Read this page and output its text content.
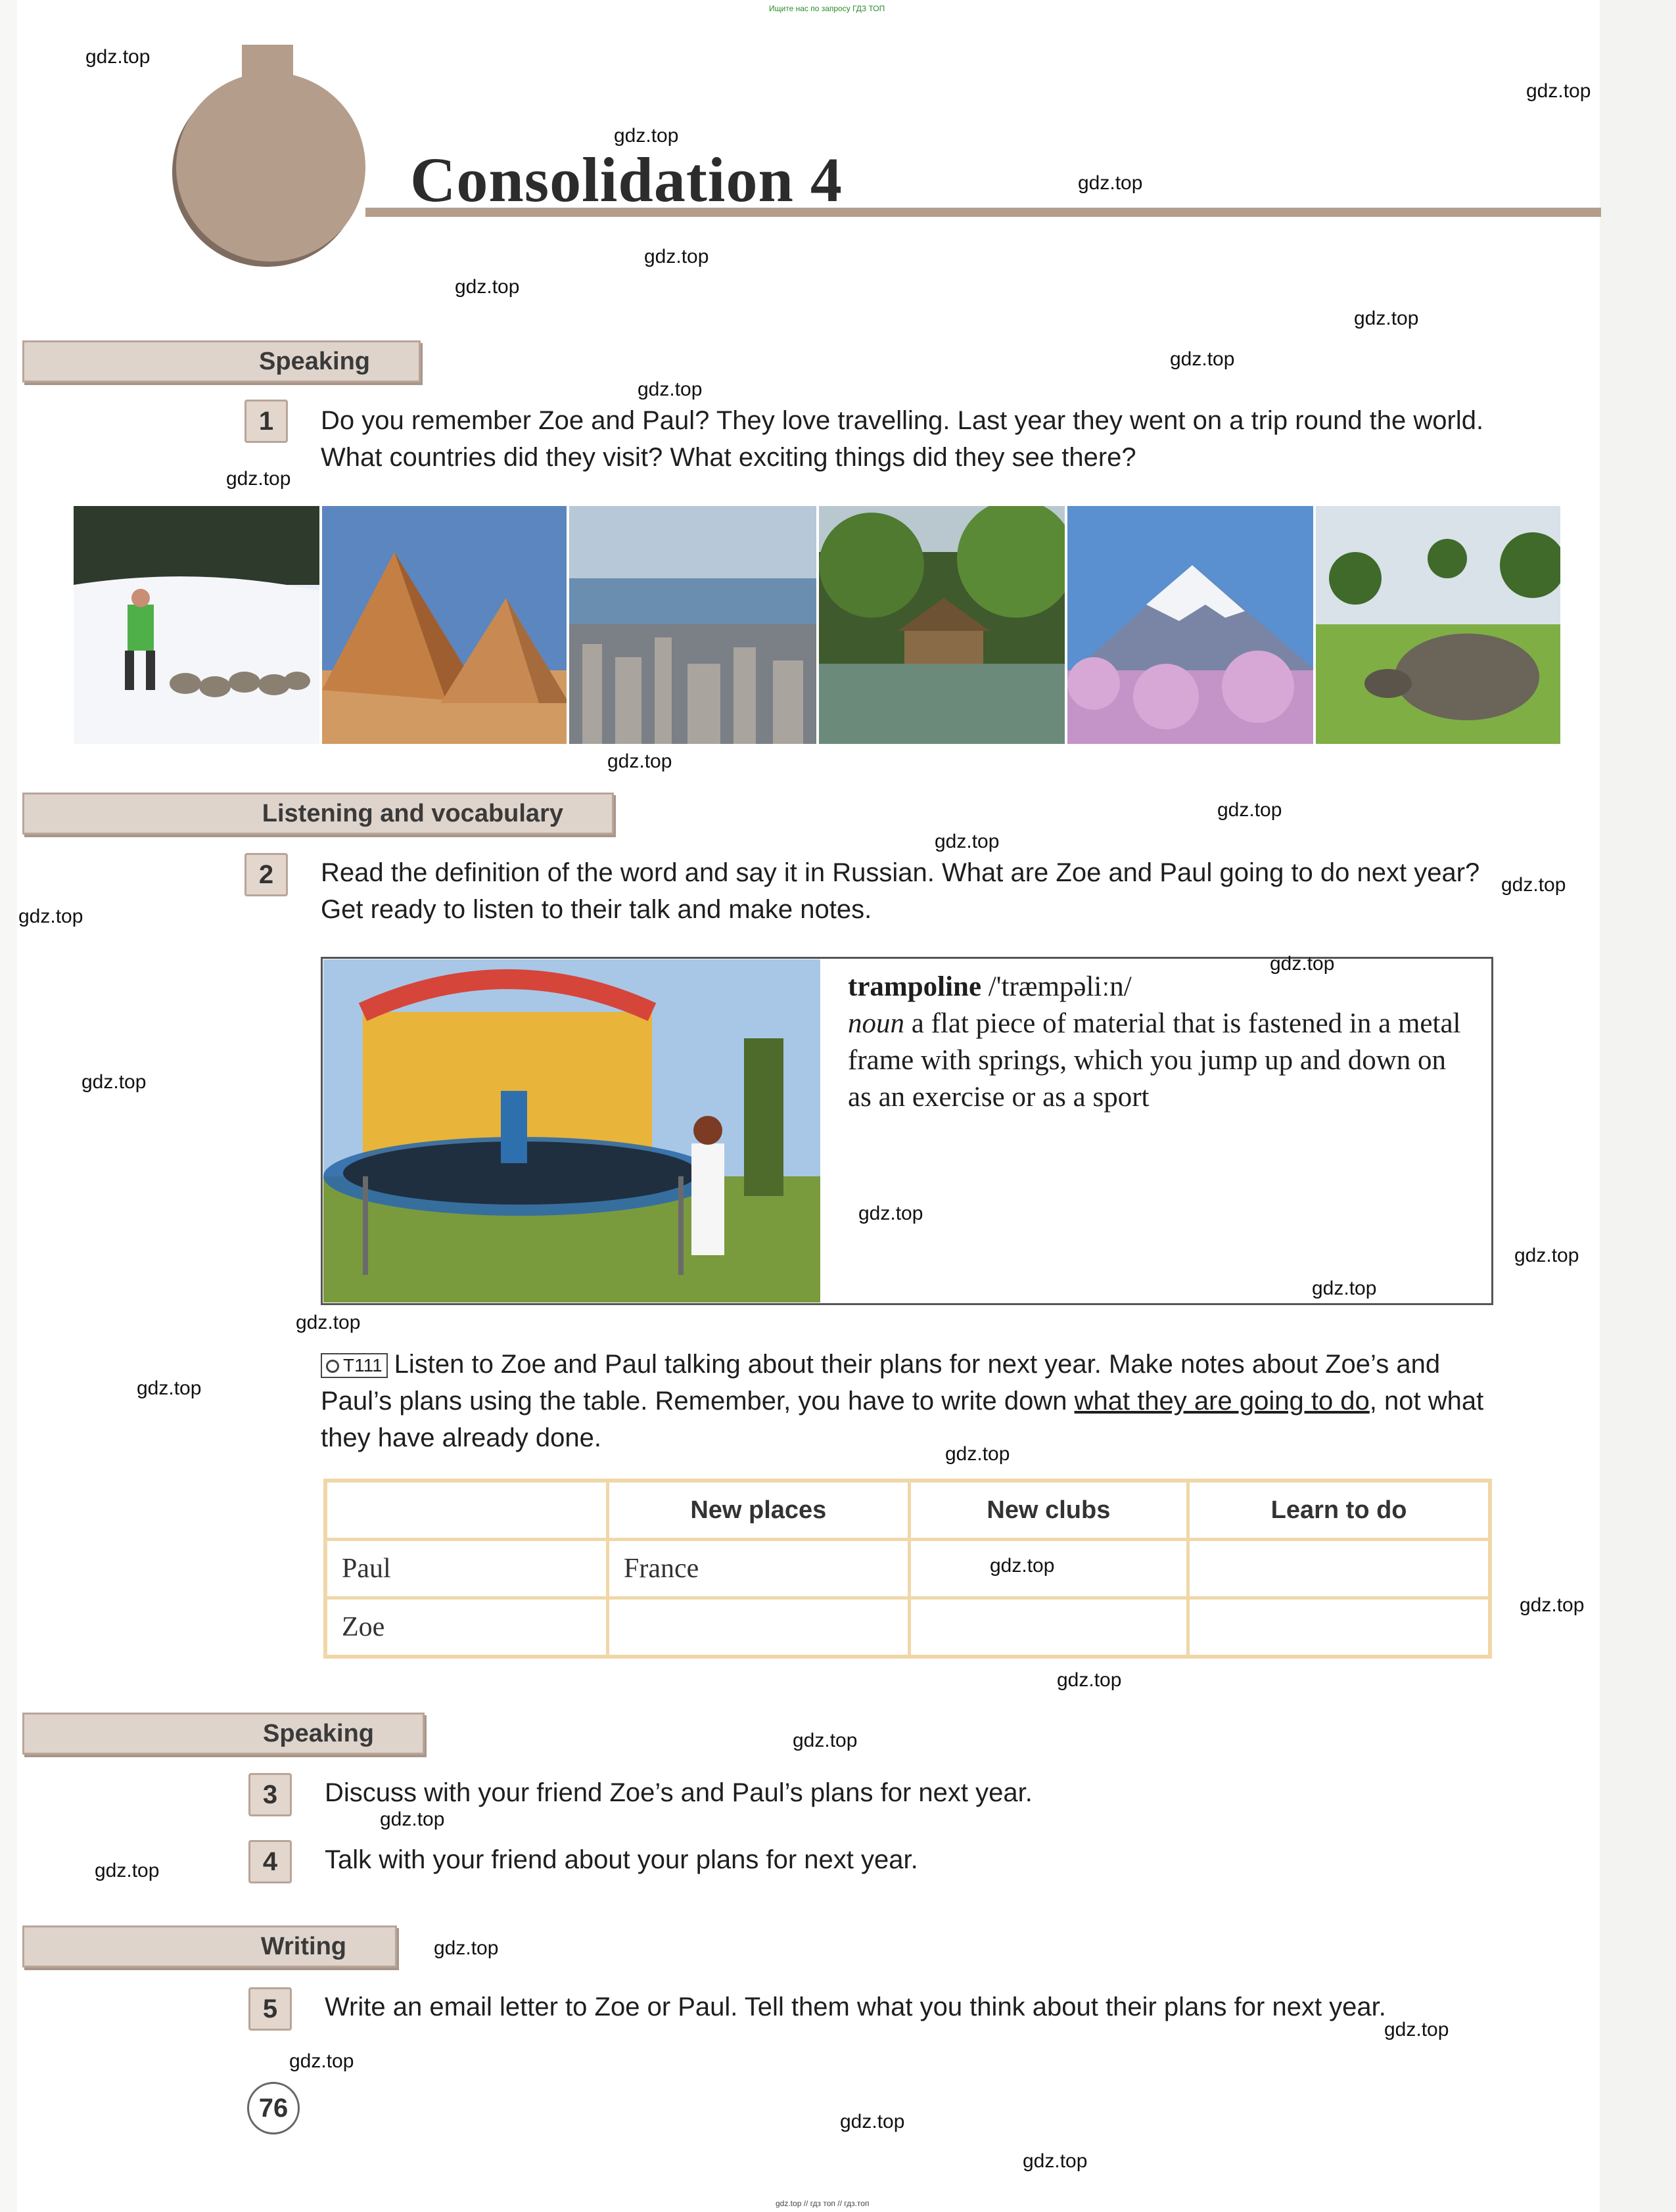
Ищите нас по запросу ГДЗ ТОП
Consolidation 4
Speaking
1	Do you remember Zoe and Paul? They love travelling. Last year they went on a trip round the world. What countries did they visit? What exciting things did they see there?
Listening and vocabulary
2	Read the definition of the word and say it in Russian. What are Zoe and Paul going to do next year? Get ready to listen to their talk and make notes.
trampoline /'træmpəliːn/
noun a flat piece of material that is fastened in a metal frame with springs, which you jump up and down on as an exercise or as a sport
T111 Listen to Zoe and Paul talking about their plans for next year. Make notes about Zoe’s and Paul’s plans using the table. Remember, you have to write down what they are going to do, not what they have already done.
	New places	New clubs	Learn to do
Paul	France		
Zoe			
Speaking
3	Discuss with your friend Zoe’s and Paul’s plans for next year.
4	Talk with your friend about your plans for next year.
Writing
5	Write an email letter to Zoe or Paul. Tell them what you think about their plans for next year.
76
gdz.top
gdz.top
gdz.top
gdz.top
gdz.top
gdz.top
gdz.top
gdz.top
gdz.top
gdz.top
gdz.top
gdz.top
gdz.top
gdz.top
gdz.top
gdz.top
gdz.top
gdz.top
gdz.top
gdz.top
gdz.top
gdz.top
gdz.top
gdz.top
gdz.top
gdz.top
gdz.top
gdz.top
gdz.top
gdz.top
gdz.top
gdz.top
gdz.top
gdz.top
gdz.top // гдз топ // гдз.топ
